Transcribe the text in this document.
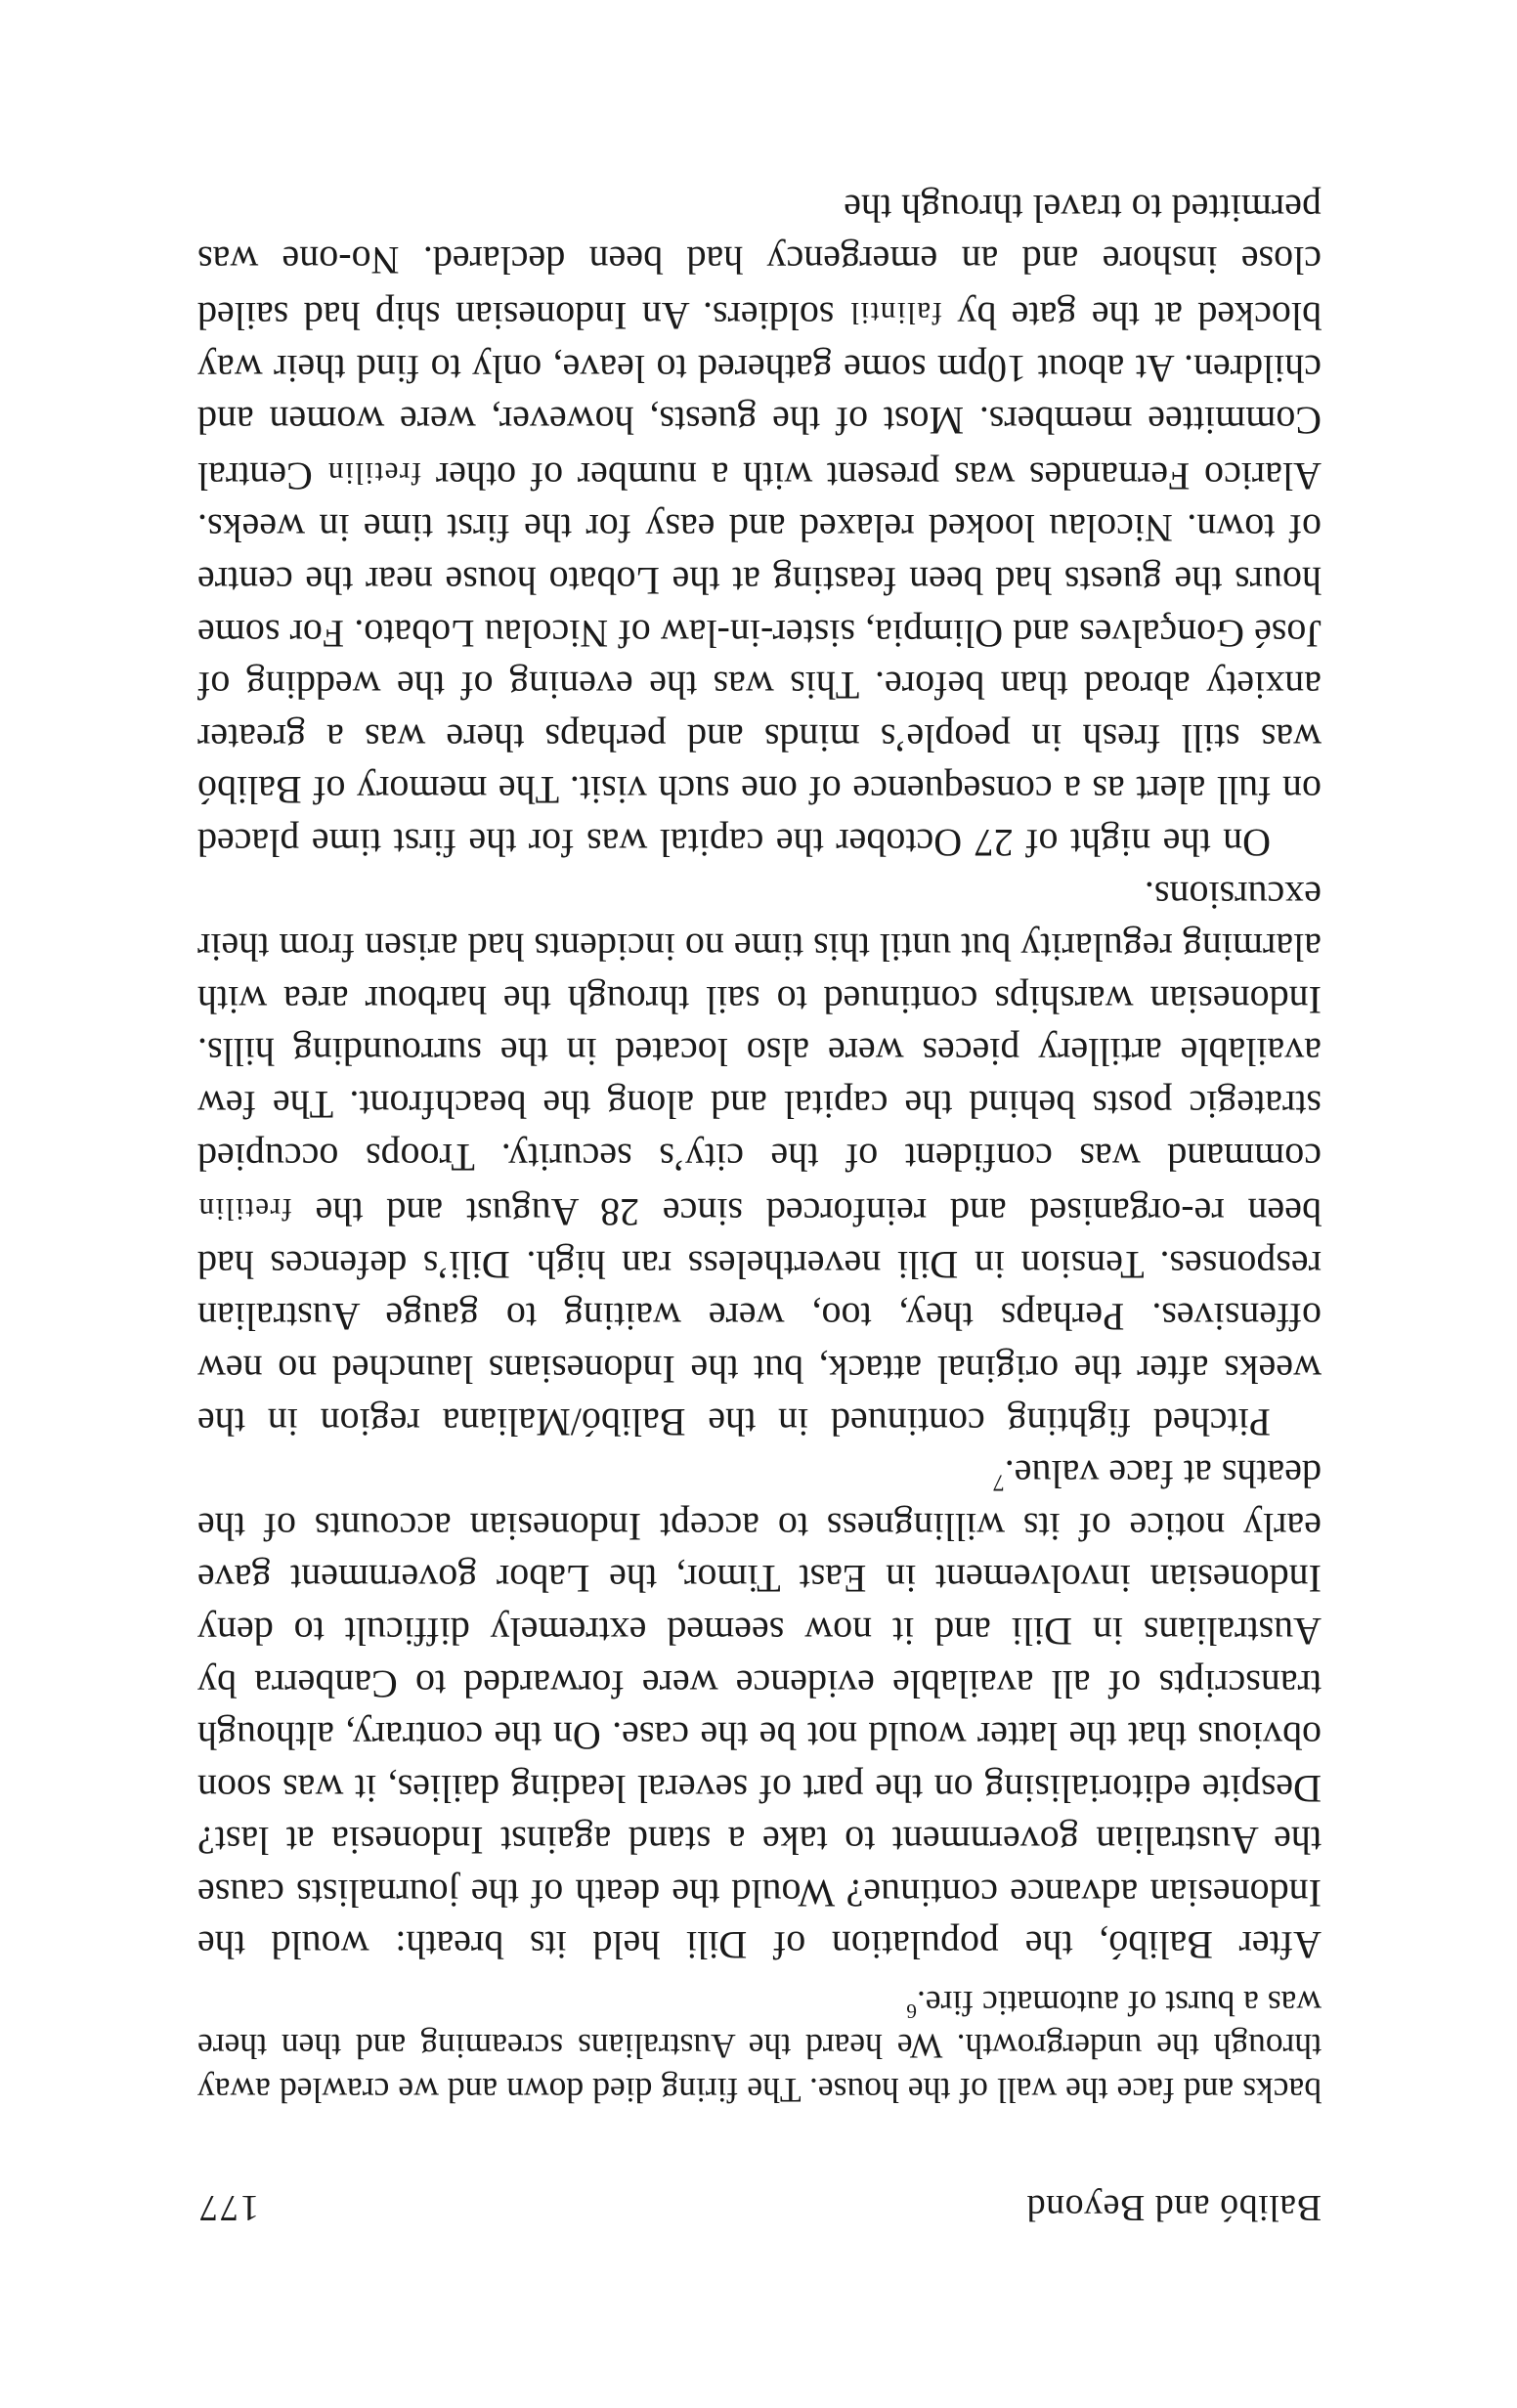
Balibó and Beyond
177

backs and face the wall of the house. The firing died down and we crawled away through the undergrowth. We heard the Australians screaming and then there was a burst of automatic fire.$^6$

After Balibó, the population of Dili held its breath: would the Indonesian advance continue? Would the death of the journalists cause the Australian government to take a stand against Indonesia at last? Despite editorialising on the part of several leading dailies, it was soon obvious that the latter would not be the case. On the contrary, although transcripts of all available evidence were forwarded to Canberra by Australians in Dili and it now seemed extremely difficult to deny Indonesian involvement in East Timor, the Labor government gave early notice of its willingness to accept Indonesian accounts of the deaths at face value.$^7$

Pitched fighting continued in the Balibó/Maliana region in the weeks after the original attack, but the Indonesians launched no new offensives. Perhaps they, too, were waiting to gauge Australian responses. Tension in Dili nevertheless ran high. Dili’s defences had been re-organised and reinforced since 28 August and the fretilin command was confident of the city’s security. Troops occupied strategic posts behind the capital and along the beachfront. The few available artillery pieces were also located in the surrounding hills. Indonesian warships continued to sail through the harbour area with alarming regularity but until this time no incidents had arisen from their excursions.

On the night of 27 October the capital was for the first time placed on full alert as a consequence of one such visit. The memory of Balibó was still fresh in people’s minds and perhaps there was a greater anxiety abroad than before. This was the evening of the wedding of José Gonçalves and Olimpia, sister-in-law of Nicolau Lobato. For some hours the guests had been feasting at the Lobato house near the centre of town. Nicolau looked relaxed and easy for the first time in weeks. Alarico Fernandes was present with a number of other fretilin Central Committee members. Most of the guests, however, were women and children. At about 10pm some gathered to leave, only to find their way blocked at the gate by falintil soldiers. An Indonesian ship had sailed close inshore and an emergency had been declared. No-one was permitted to travel through the
